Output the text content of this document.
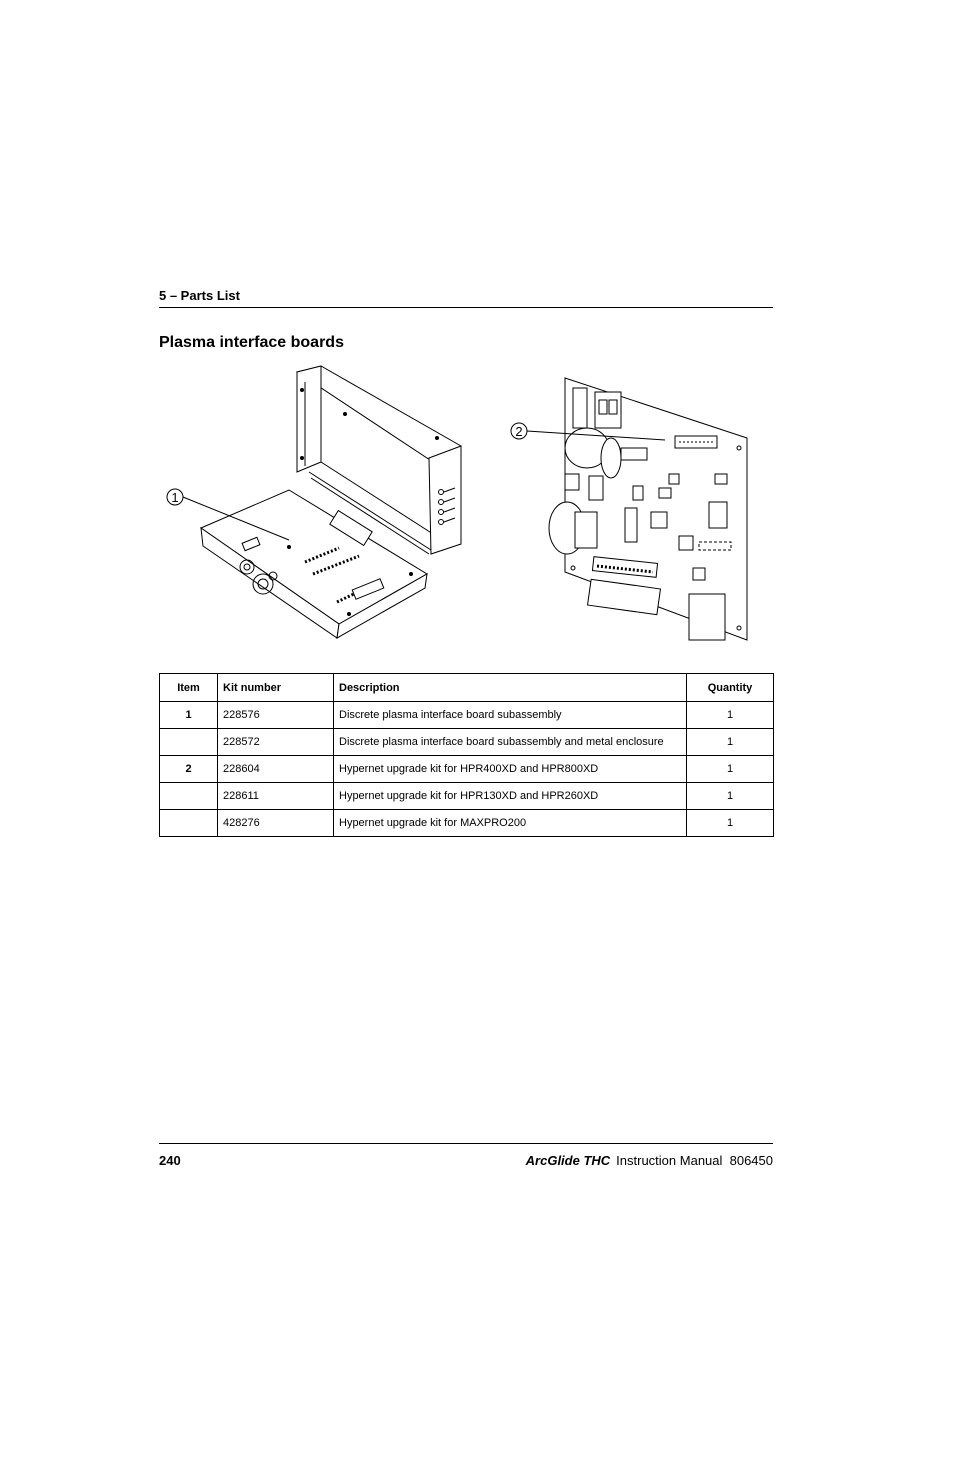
5 – Parts List
Plasma interface boards
1
2
Item	Kit number	Description	Quantity
1	228576	Discrete plasma interface board subassembly	1
	228572	Discrete plasma interface board subassembly and metal enclosure	1
2	228604	Hypernet upgrade kit for HPR400XD and HPR800XD	1
	228611	Hypernet upgrade kit for HPR130XD and HPR260XD	1
	428276	Hypernet upgrade kit for MAXPRO200	1
240	ArcGlide THC Instruction Manual  806450
